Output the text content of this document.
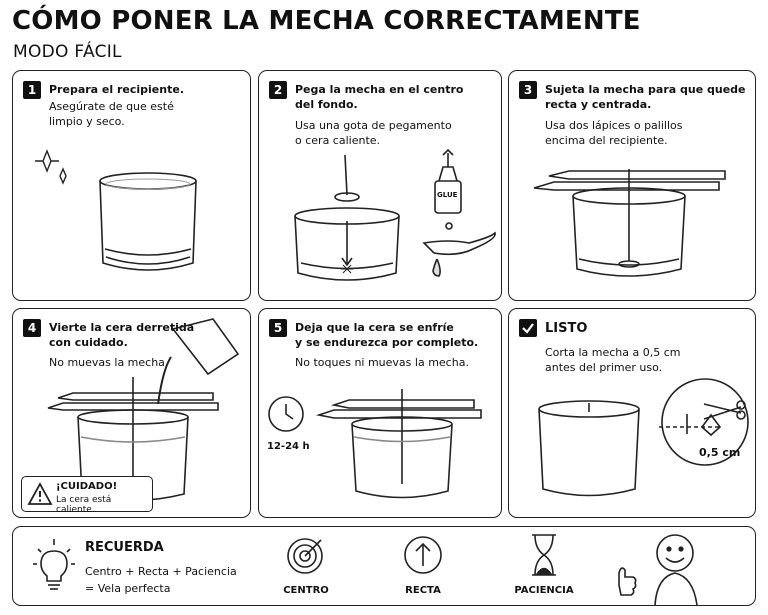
CÓMO PONER LA MECHA CORRECTAMENTE
MODO FÁCIL
1	Prepara el recipiente.
Asegúrate de que esté
limpio y seco.
2	Pega la mecha en el centro
del fondo.
Usa una gota de pegamento
o cera caliente.
GLUE
3	Sujeta la mecha para que quede
recta y centrada.
Usa dos lápices o palillos
encima del recipiente.
4	Vierte la cera derretida
con cuidado.
No muevas la mecha.
¡CUIDADO!
La cera está caliente.
5	Deja que la cera se enfríe
y se endurezca por completo.
No toques ni muevas la mecha.
12-24 h
LISTO
Corta la mecha a 0,5 cm
antes del primer uso.
0,5 cm
RECUERDA
Centro + Recta + Paciencia
= Vela perfecta	CENTRO	RECTA	PACIENCIA
